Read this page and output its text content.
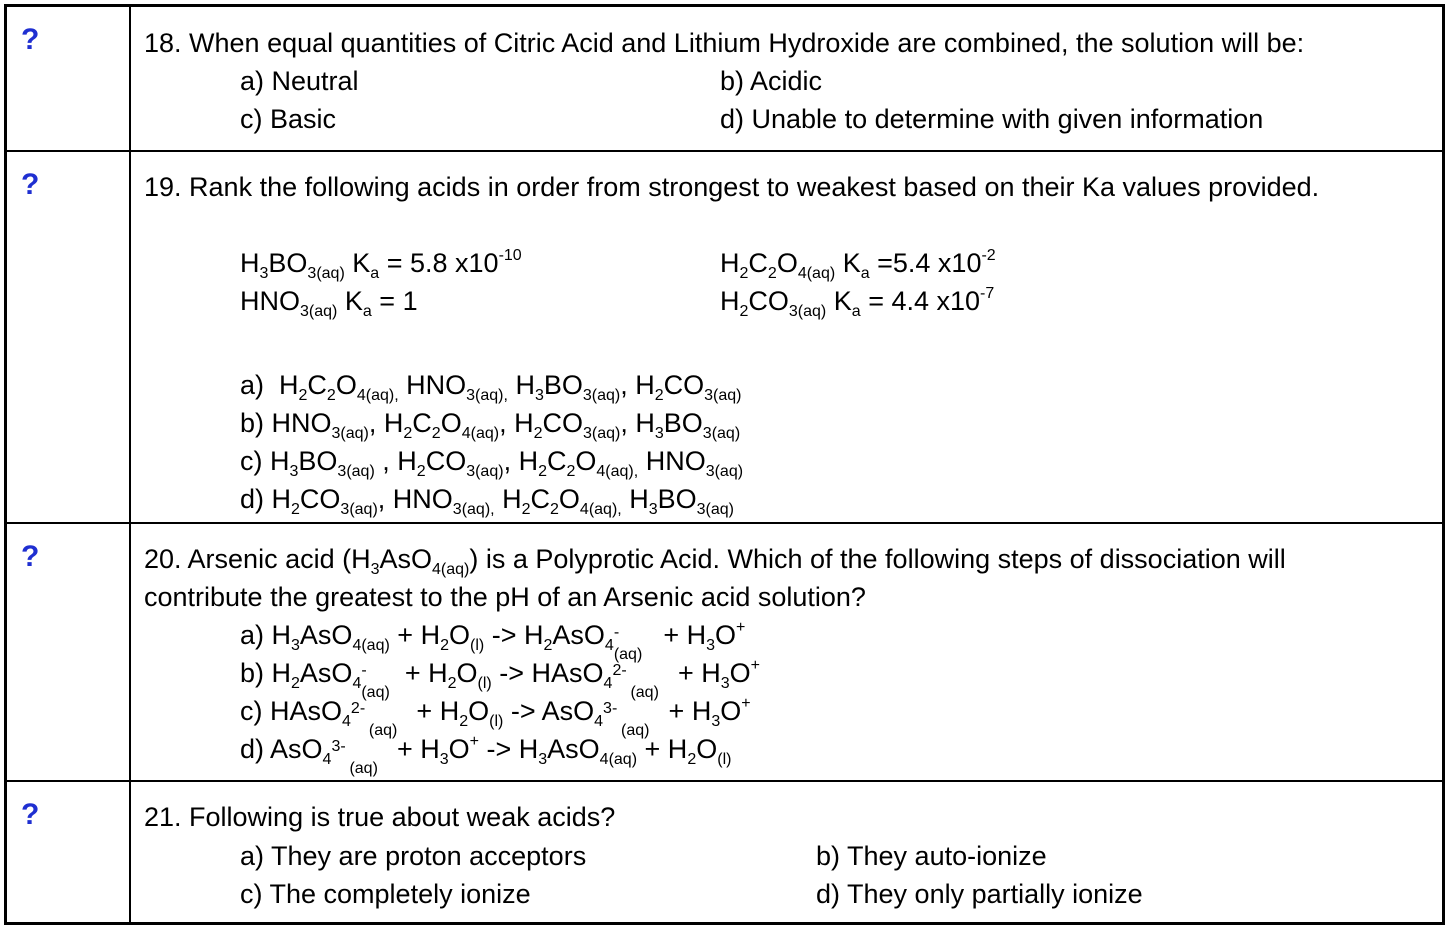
?	18. When equal quantities of Citric Acid and Lithium Hydroxide are combined, the solution will be:
a) Neutral	b) Acidic
c) Basic	d) Unable to determine with given information
?	19. Rank the following acids in order from strongest to weakest based on their Ka values provided.
$H_3BO_{3(aq)}$ $K_a = 5.8$ $x10^{-10}$	$H_2C_2O_{4(aq)}$ $K_a =5.4$ $x10^{-2}$
$HNO_{3(aq)}$ $K_a = 1$	$H_2CO_{3(aq)}$ $K_a = 4.4$ $x10^{-7}$
a)  $H_2C_2O_{4(aq),}$ $HNO_{3(aq),}$ $H_3BO_{3(aq)}$, $H_2CO_{3(aq)}$
b) $HNO_{3(aq)}$, $H_2C_2O_{4(aq)}$, $H_2CO_{3(aq)}$, $H_3BO_{3(aq)}$
c) $H_3BO_{3(aq)}$ , $H_2CO_{3(aq)}$, $H_2C_2O_{4(aq),}$ $HNO_{3(aq)}$
d) $H_2CO_{3(aq)}$, $HNO_{3(aq),}$ $H_2C_2O_{4(aq),}$ $H_3BO_{3(aq)}$
?	20. Arsenic acid $(H_3AsO_{4(aq)})$ is a Polyprotic Acid. Which of the following steps of dissociation will
contribute the greatest to the pH of an Arsenic acid solution?
a) $H_3AsO_{4(aq)} + H_2O_{(l)} -> H_2AsO_4$
-
(aq)
+ $H_3O^+$
b) $H_2AsO_4$
-
(aq)
+ $H_2O_{(l)}$ -> HAsO$_4$
2-
(aq)
+ $H_3O^+$
c) HAsO$_4$
2-
(aq)
+ $H_2O_{(l)} -> AsO_4$
3-
(aq)
+ $H_3O^+$
d) AsO$_4$
3-
(aq)
+ $H_3O^+ -> H_3AsO_{4(aq)} + H_2O_{(l)}$
?	21. Following is true about weak acids?
a) They are proton acceptors	b) They auto-ionize
c) The completely ionize	d) They only partially ionize
